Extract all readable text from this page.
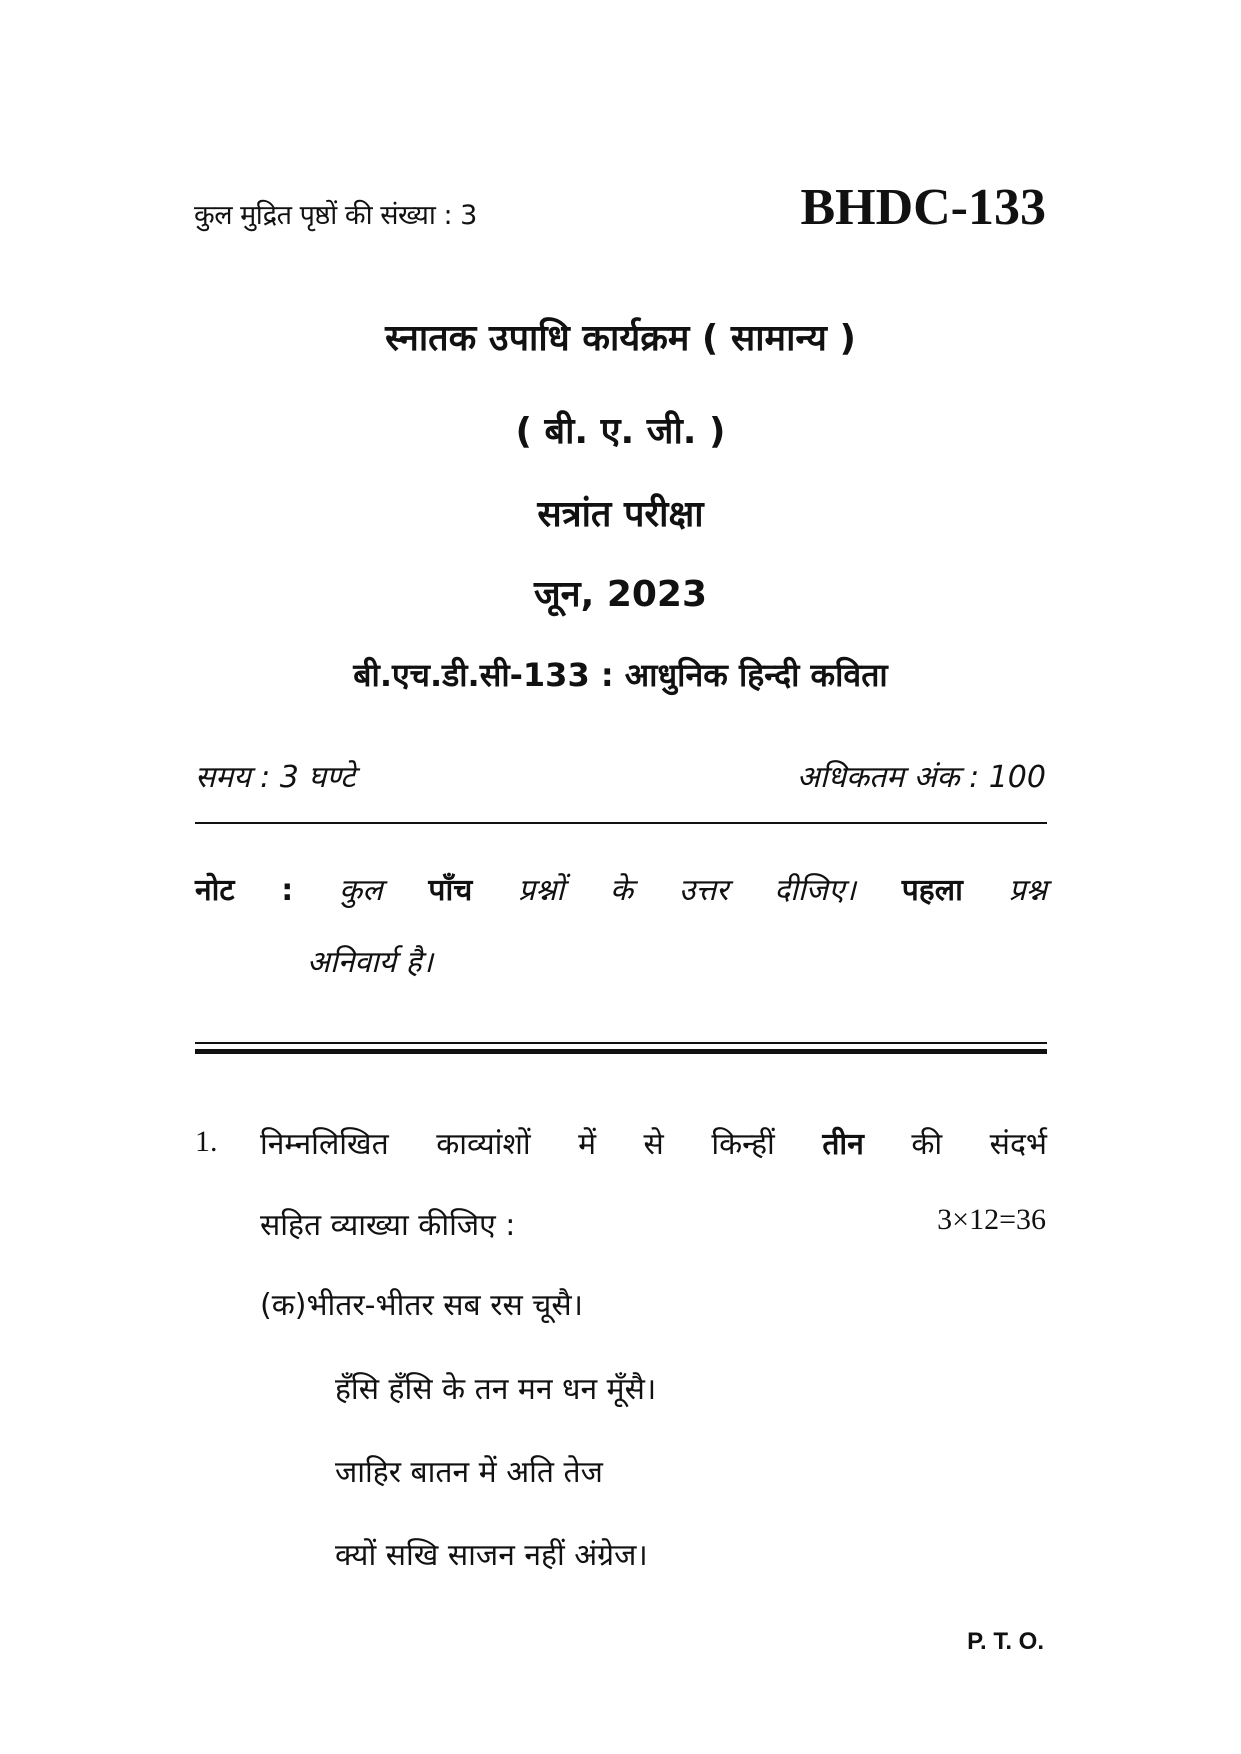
कुल मुद्रित पृष्ठों की संख्या : 3	BHDC-133
स्नातक उपाधि कार्यक्रम ( सामान्य )
( बी. ए. जी. )
सत्रांत परीक्षा
जून, 2023
बी.एच.डी.सी-133 : आधुनिक हिन्दी कविता
समय : 3 घण्टे	अधिकतम अंक : 100
नोट : कुल पाँच प्रश्नों के उत्तर दीजिए। पहला प्रश्न
अनिवार्य है।
1. निम्नलिखित काव्यांशों में से किन्हीं तीन की संदर्भ
सहित व्याख्या कीजिए :	3×12=36
(क)भीतर-भीतर सब रस चूसै।
हँसि हँसि के तन मन धन मूँसै।
जाहिर बातन में अति तेज
क्यों सखि साजन नहीं अंग्रेज।
P. T. O.
